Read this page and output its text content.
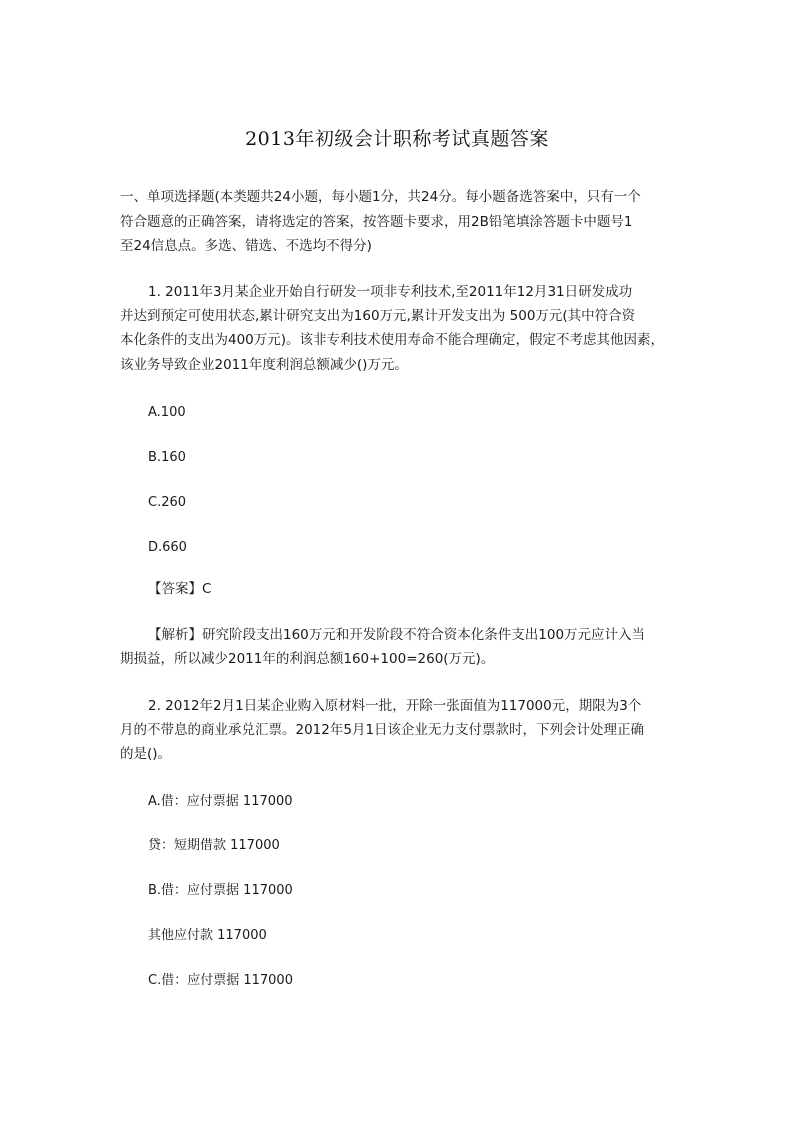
2013年初级会计职称考试真题答案
一、单项选择题(本类题共24小题，每小题1分，共24分。每小题备选答案中，只有一个
符合题意的正确答案，请将选定的答案，按答题卡要求，用2B铅笔填涂答题卡中题号1
至24信息点。多选、错选、不选均不得分)
1. 2011年3月某企业开始自行研发一项非专利技术,至2011年12月31日研发成功
并达到预定可使用状态,累计研究支出为160万元,累计开发支出为 500万元(其中符合资
本化条件的支出为400万元)。该非专利技术使用寿命不能合理确定，假定不考虑其他因素，
该业务导致企业2011年度利润总额减少()万元。
A.100
B.160
C.260
D.660
【答案】C
【解析】研究阶段支出160万元和开发阶段不符合资本化条件支出100万元应计入当
期损益，所以减少2011年的利润总额160+100=260(万元)。
2. 2012年2月1日某企业购入原材料一批，开除一张面值为117000元，期限为3个
月的不带息的商业承兑汇票。2012年5月1日该企业无力支付票款时，下列会计处理正确
的是()。
A.借：应付票据 117000
贷：短期借款 117000
B.借：应付票据 117000
其他应付款 117000
C.借：应付票据 117000
